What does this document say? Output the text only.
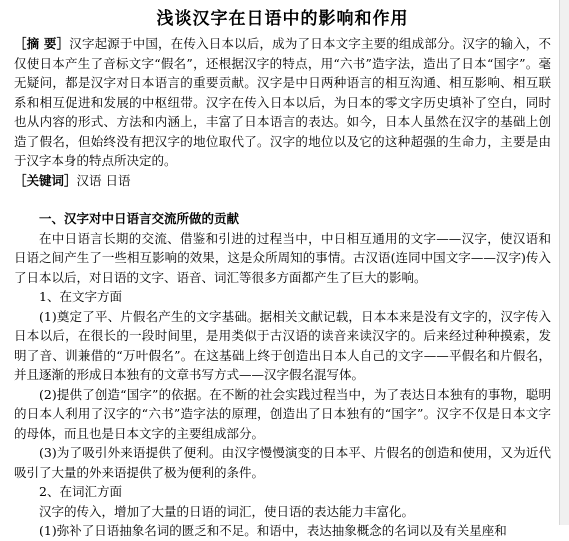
浅谈汉字在日语中的影响和作用

［摘 要］汉字起源于中国，在传入日本以后，成为了日本文字主要的组成部分。汉字的输入，不仅使日本产生了音标文字“假名”，还根据汉字的特点，用“六书”造字法，造出了日本“国字”。毫无疑问，都是汉字对日本语言的重要贡献。汉字是中日两种语言的相互沟通、相互影响、相互联系和相互促进和发展的中枢纽带。汉字在传入日本以后，为日本的零文字历史填补了空白，同时也从内容的形式、方法和内涵上，丰富了日本语言的表达。如今，日本人虽然在汉字的基础上创造了假名，但始终没有把汉字的地位取代了。汉字的地位以及它的这种超强的生命力，主要是由于汉字本身的特点所决定的。

［关键词］汉语 日语

一、汉字对中日语言交流所做的贡献

在中日语言长期的交流、借鉴和引进的过程当中，中日相互通用的文字——汉字，使汉语和日语之间产生了一些相互影响的效果，这是众所周知的事情。古汉语(连同中国文字——汉字)传入了日本以后，对日语的文字、语音、词汇等很多方面都产生了巨大的影响。

1、在文字方面

(1)奠定了平、片假名产生的文字基础。据相关文献记载，日本本来是没有文字的，汉字传入日本以后，在很长的一段时间里，是用类似于古汉语的读音来读汉字的。后来经过种种摸索，发明了音、训兼借的“万叶假名”。在这基础上终于创造出日本人自己的文字——平假名和片假名，并且逐渐的形成日本独有的文章书写方式——汉字假名混写体。

(2)提供了创造“国字”的依据。在不断的社会实践过程当中，为了表达日本独有的事物，聪明的日本人利用了汉字的“六书”造字法的原理，创造出了日本独有的“国字”。汉字不仅是日本文字的母体，而且也是日本文字的主要组成部分。

(3)为了吸引外来语提供了便利。由汉字慢慢演变的日本平、片假名的创造和使用，又为近代吸引了大量的外来语提供了极为便利的条件。

2、在词汇方面

汉字的传入，增加了大量的日语的词汇，使日语的表达能力丰富化。

(1)弥补了日语抽象名词的匮乏和不足。和语中，表达抽象概念的名词以及有关星座和
